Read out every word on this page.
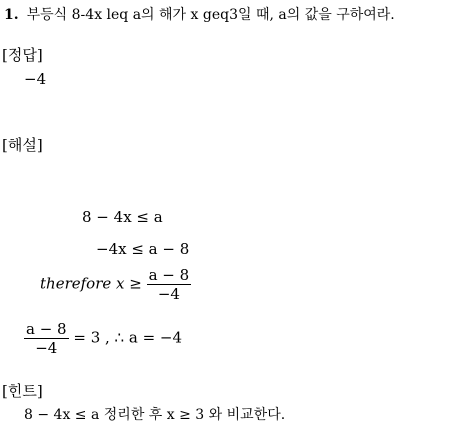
1. 부등식 8-4x leq a의 해가 x geq3일 때, a의 값을 구하여라.
[정답]
−4
[해설]
8 − 4x ≤ a
−4x ≤ a − 8
therefore $x \ge \frac{a - 8}{-4}$
$\frac{a - 8}{-4} = 3$ , ∴ a = −4
[힌트]
8 − 4x ≤ a 정리한 후 x ≥ 3 와 비교한다.
